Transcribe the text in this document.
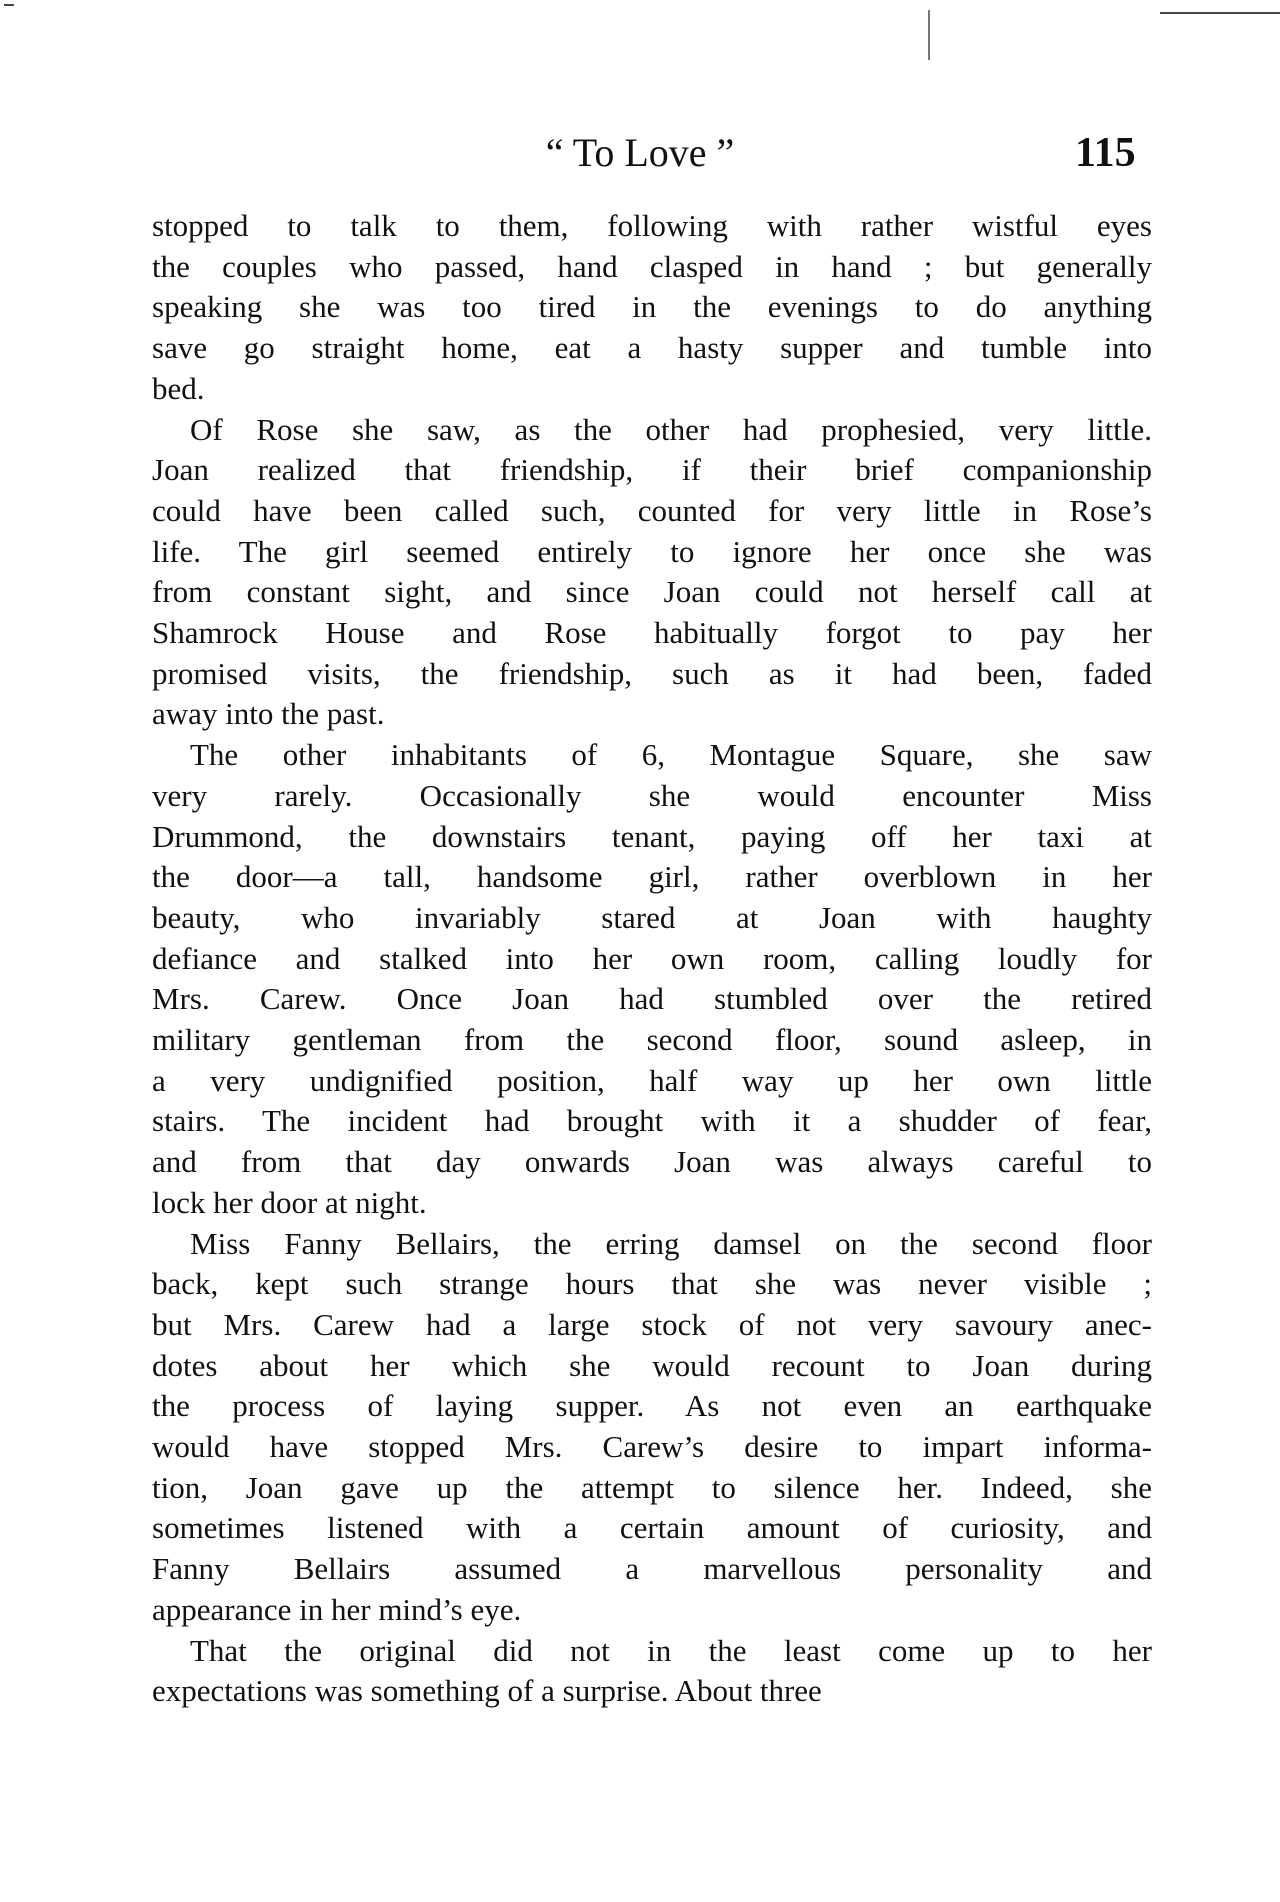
“ To Love ”	115
stopped to talk to them, following with rather wistful eyes
the couples who passed, hand clasped in hand ; but generally
speaking she was too tired in the evenings to do anything
save go straight home, eat a hasty supper and tumble into
bed.
Of Rose she saw, as the other had prophesied, very little.
Joan realized that friendship, if their brief companionship
could have been called such, counted for very little in Rose’s
life. The girl seemed entirely to ignore her once she was
from constant sight, and since Joan could not herself call at
Shamrock House and Rose habitually forgot to pay her
promised visits, the friendship, such as it had been, faded
away into the past.
The other inhabitants of 6, Montague Square, she saw
very rarely. Occasionally she would encounter Miss
Drummond, the downstairs tenant, paying off her taxi at
the door—a tall, handsome girl, rather overblown in her
beauty, who invariably stared at Joan with haughty
defiance and stalked into her own room, calling loudly for
Mrs. Carew. Once Joan had stumbled over the retired
military gentleman from the second floor, sound asleep, in
a very undignified position, half way up her own little
stairs. The incident had brought with it a shudder of fear,
and from that day onwards Joan was always careful to
lock her door at night.
Miss Fanny Bellairs, the erring damsel on the second floor
back, kept such strange hours that she was never visible ;
but Mrs. Carew had a large stock of not very savoury anec-
dotes about her which she would recount to Joan during
the process of laying supper. As not even an earthquake
would have stopped Mrs. Carew’s desire to impart informa-
tion, Joan gave up the attempt to silence her. Indeed, she
sometimes listened with a certain amount of curiosity, and
Fanny Bellairs assumed a marvellous personality and
appearance in her mind’s eye.
That the original did not in the least come up to her
expectations was something of a surprise. About three
